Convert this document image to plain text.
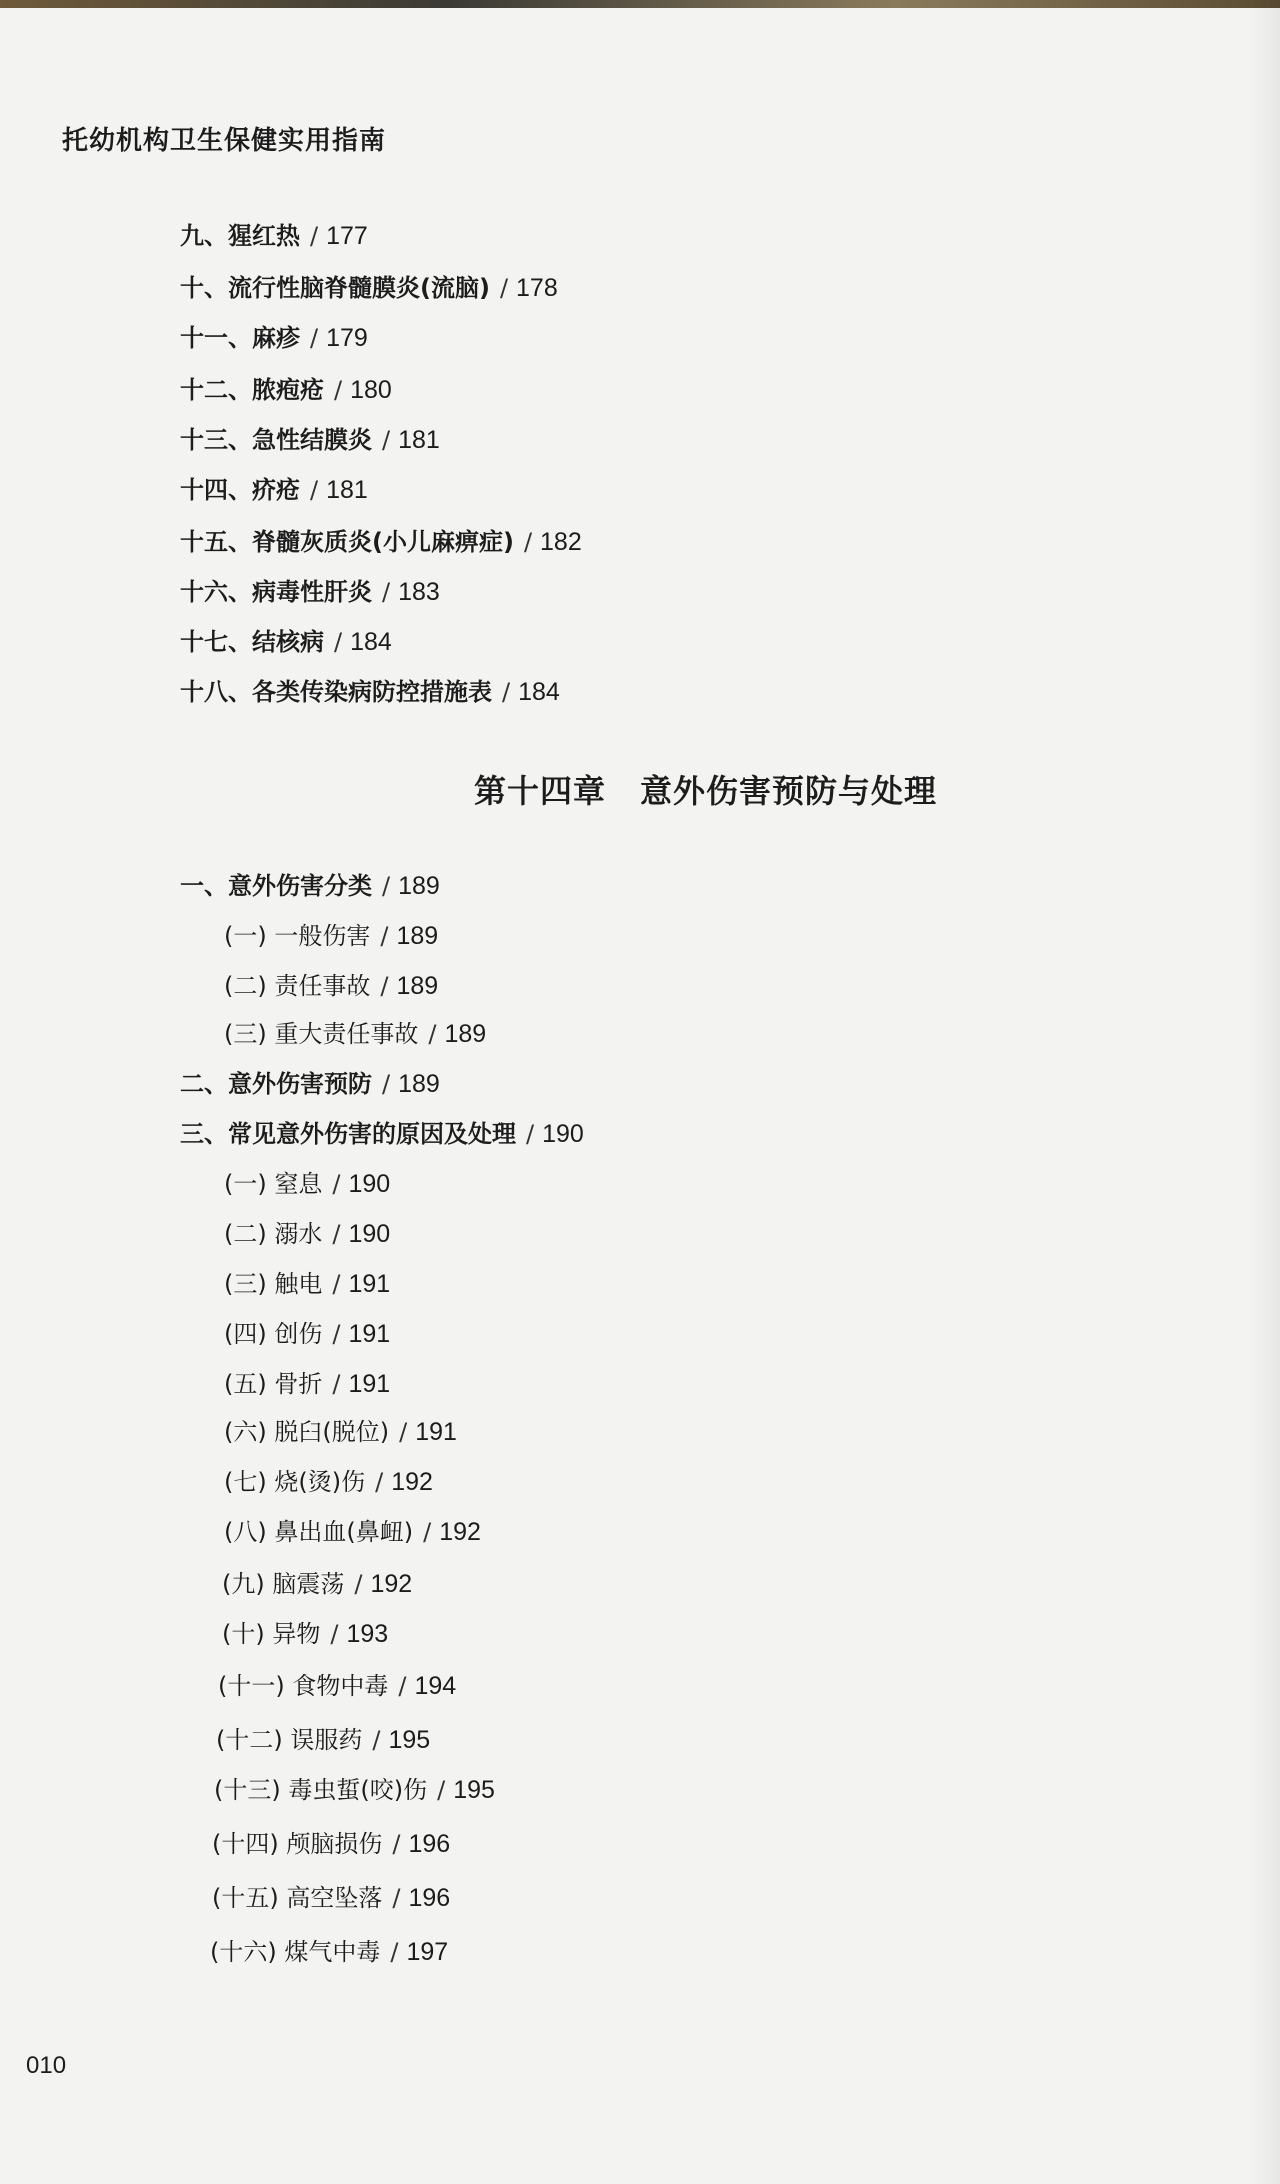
托幼机构卫生保健实用指南
第十四章 意外伤害预防与处理
九、猩红热 / 177
十、流行性脑脊髓膜炎(流脑) / 178
十一、麻疹 / 179
十二、脓疱疮 / 180
十三、急性结膜炎 / 181
十四、疥疮 / 181
十五、脊髓灰质炎(小儿麻痹症) / 182
十六、病毒性肝炎 / 183
十七、结核病 / 184
十八、各类传染病防控措施表 / 184
一、意外伤害分类 / 189
(一) 一般伤害 / 189
(二) 责任事故 / 189
(三) 重大责任事故 / 189
二、意外伤害预防 / 189
三、常见意外伤害的原因及处理 / 190
(一) 窒息 / 190
(二) 溺水 / 190
(三) 触电 / 191
(四) 创伤 / 191
(五) 骨折 / 191
(六) 脱臼(脱位) / 191
(七) 烧(烫)伤 / 192
(八) 鼻出血(鼻衄) / 192
(九) 脑震荡 / 192
(十) 异物 / 193
(十一) 食物中毒 / 194
(十二) 误服药 / 195
(十三) 毒虫蜇(咬)伤 / 195
(十四) 颅脑损伤 / 196
(十五) 高空坠落 / 196
(十六) 煤气中毒 / 197
010
